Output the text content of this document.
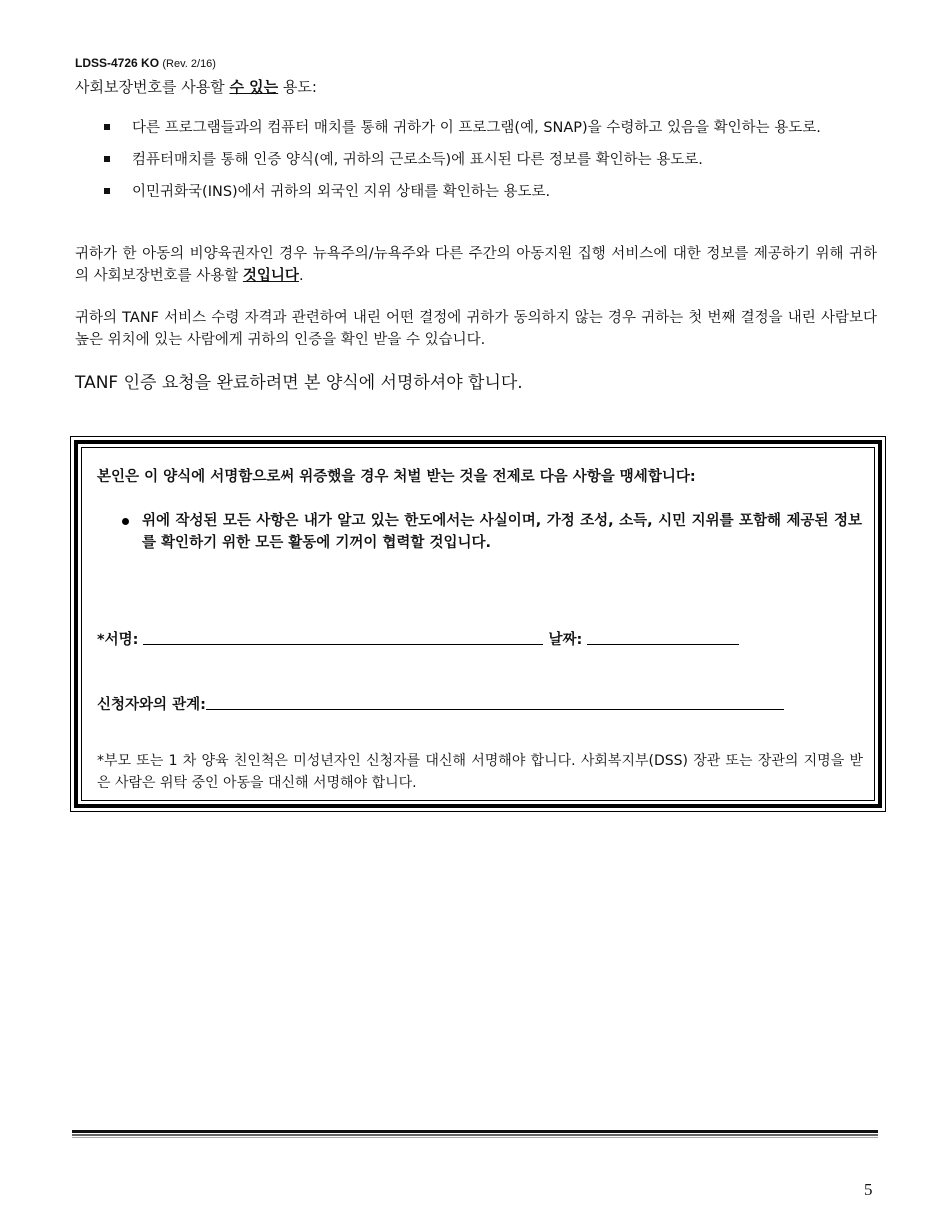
LDSS-4726 KO (Rev. 2/16)
사회보장번호를 사용할 수 있는 용도:
다른 프로그램들과의 컴퓨터 매치를 통해 귀하가 이 프로그램(예, SNAP)을 수령하고 있음을 확인하는 용도로.
컴퓨터매치를 통해 인증 양식(예, 귀하의 근로소득)에 표시된 다른 정보를 확인하는 용도로.
이민귀화국(INS)에서 귀하의 외국인 지위 상태를 확인하는 용도로.

귀하가 한 아동의 비양육권자인 경우 뉴욕주의/뉴욕주와 다른 주간의 아동지원 집행 서비스에 대한 정보를 제공하기 위해 귀하의 사회보장번호를 사용할 것입니다.

귀하의 TANF 서비스 수령 자격과 관련하여 내린 어떤 결정에 귀하가 동의하지 않는 경우 귀하는 첫 번째 결정을 내린 사람보다 높은 위치에 있는 사람에게 귀하의 인증을 확인 받을 수 있습니다.

TANF 인증 요청을 완료하려면 본 양식에 서명하셔야 합니다.

본인은 이 양식에 서명함으로써 위증했을 경우 처벌 받는 것을 전제로 다음 사항을 맹세합니다:

위에 작성된 모든 사항은 내가 알고 있는 한도에서는 사실이며, 가정 조성, 소득, 시민 지위를 포함해 제공된 정보를 확인하기 위한 모든 활동에 기꺼이 협력할 것입니다.
*서명:	날짜:
신청자와의 관계:

*부모 또는 1 차 양육 친인척은 미성년자인 신청자를 대신해 서명해야 합니다. 사회복지부(DSS) 장관 또는 장관의 지명을 받은 사람은 위탁 중인 아동을 대신해 서명해야 합니다.

5
